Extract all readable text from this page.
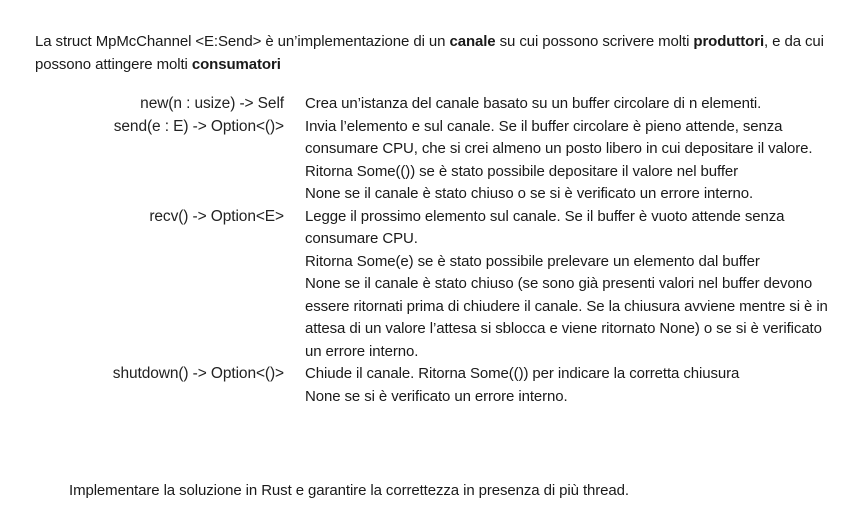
La struct MpMcChannel <E:Send> è un’implementazione di un canale su cui possono scrivere molti produttori, e da cui possono attingere molti consumatori
new(n : usize) -> Self Crea un’istanza del canale basato su un buffer circolare di n elementi.

send(e : E) -> Option<()> Invia l’elemento e sul canale. Se il buffer circolare è pieno attende, senza consumare CPU, che si crei almeno un posto libero in cui depositare il valore.

Ritorna Some(()) se è stato possibile depositare il valore nel buffer

None se il canale è stato chiuso o se si è verificato un errore interno.

recv() -> Option<E> Legge il prossimo elemento sul canale. Se il buffer è vuoto attende senza consumare CPU.

Ritorna Some(e) se è stato possibile prelevare un elemento dal buffer

None se il canale è stato chiuso (se sono già presenti valori nel buffer devono essere ritornati prima di chiudere il canale. Se la chiusura avviene mentre si è in attesa di un valore l’attesa si sblocca e viene ritornato None) o se si è verificato un errore interno.

shutdown() -> Option<()> Chiude il canale. Ritorna Some(()) per indicare la corretta chiusura

None se si è verificato un errore interno.

Implementare la soluzione in Rust e garantire la correttezza in presenza di più thread.
